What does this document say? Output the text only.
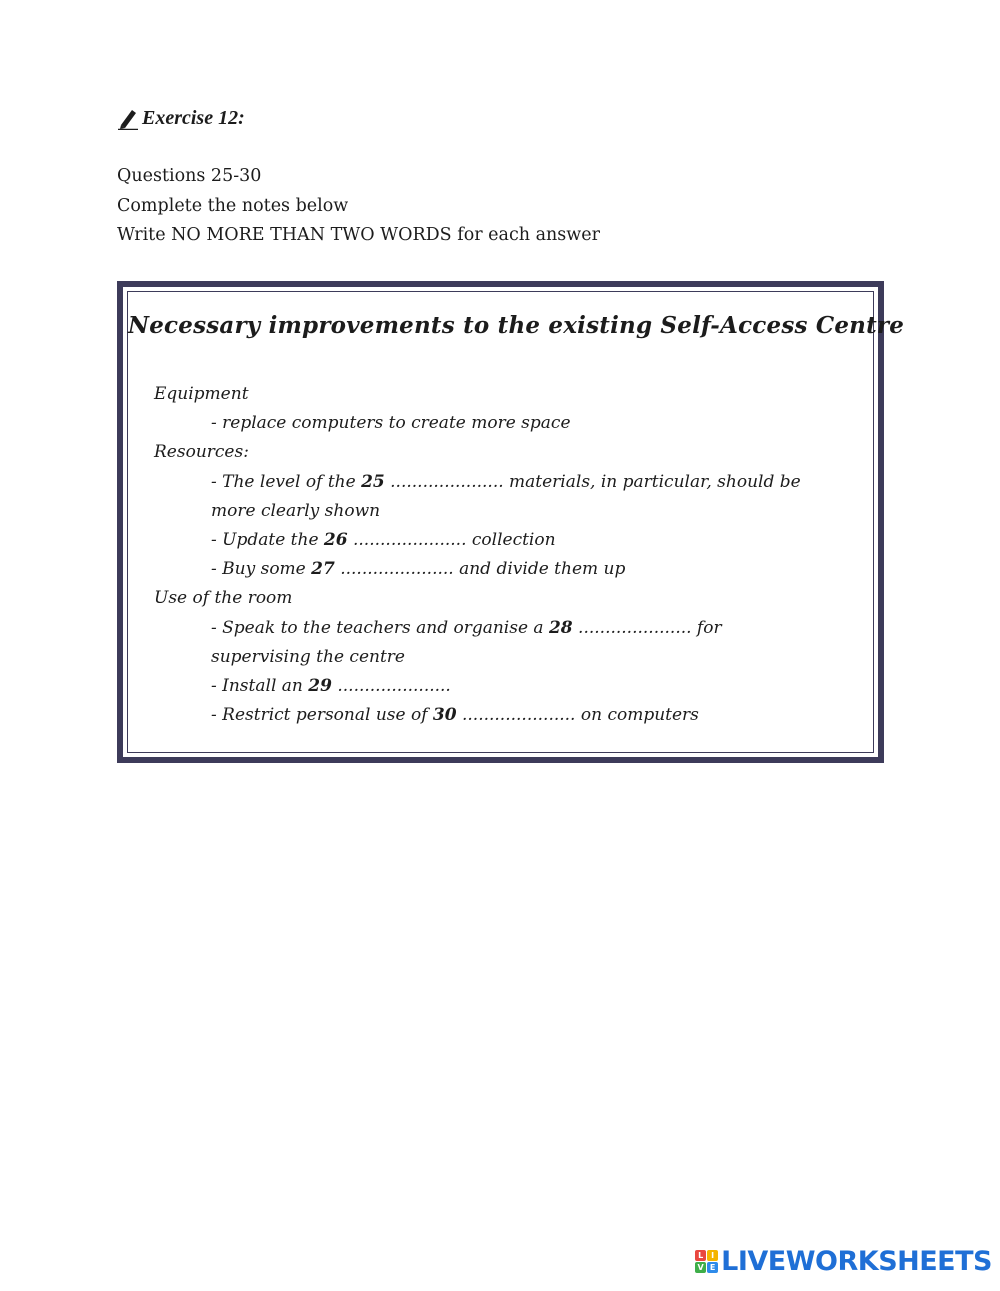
Exercise 12:
Questions 25-30
Complete the notes below
Write NO MORE THAN TWO WORDS for each answer
Necessary improvements to the existing Self-Access Centre
Equipment
- replace computers to create more space
Resources:
- The level of the 25 ..................... materials, in particular, should be
more clearly shown
- Update the 26 ..................... collection
- Buy some 27 ..................... and divide them up
Use of the room
- Speak to the teachers and organise a 28 ..................... for
supervising the centre
- Install an 29 .....................
- Restrict personal use of 30 ..................... on computers
L I
V E LIVEWORKSHEETS
